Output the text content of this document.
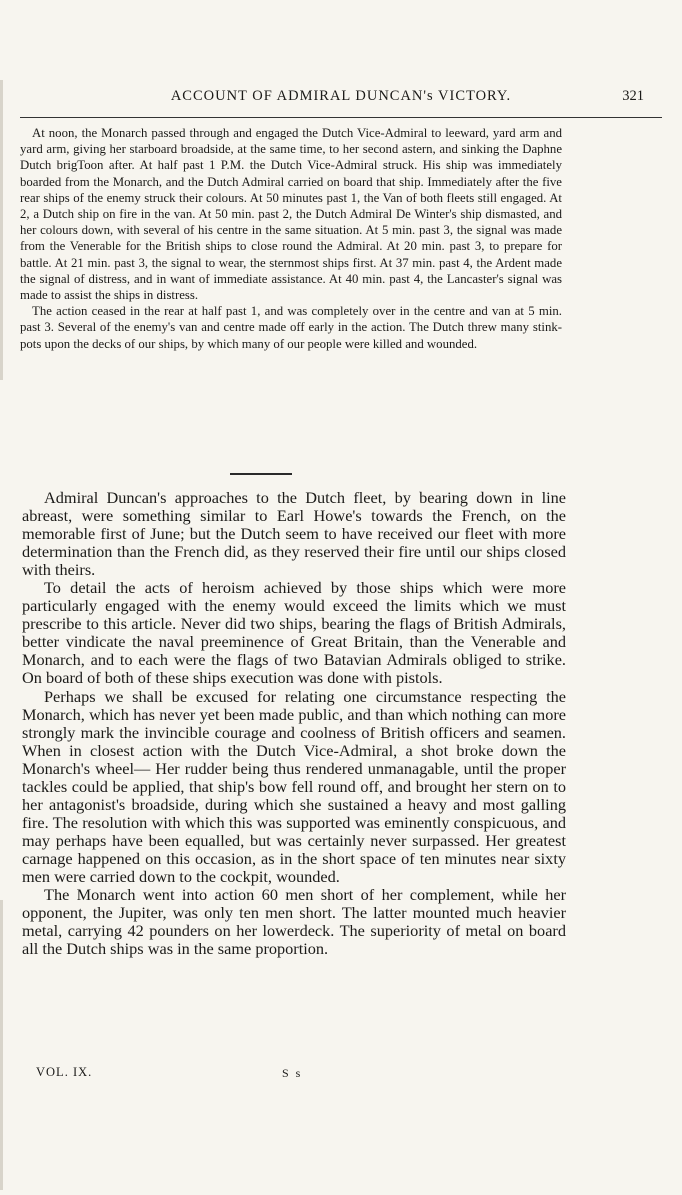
ACCOUNT OF ADMIRAL DUNCAN's VICTORY.	321

At noon, the Monarch passed through and engaged the Dutch Vice-Admiral to leeward, yard arm and yard arm, giving her starboard broadside, at the same time, to her second astern, and sinking the Daphne Dutch brigToon after. At half past 1 P.M. the Dutch Vice-Admiral struck. His ship was immediately boarded from the Monarch, and the Dutch Admiral carried on board that ship. Immediately after the five rear ships of the enemy struck their colours. At 50 minutes past 1, the Van of both fleets still engaged. At 2, a Dutch ship on fire in the van. At 50 min. past 2, the Dutch Admiral De Winter's ship dismasted, and her colours down, with several of his centre in the same situation. At 5 min. past 3, the signal was made from the Venerable for the British ships to close round the Admiral. At 20 min. past 3, to prepare for battle. At 21 min. past 3, the signal to wear, the sternmost ships first. At 37 min. past 4, the Ardent made the signal of distress, and in want of immediate assistance. At 40 min. past 4, the Lancaster's signal was made to assist the ships in distress.

The action ceased in the rear at half past 1, and was completely over in the centre and van at 5 min. past 3. Several of the enemy's van and centre made off early in the action. The Dutch threw many stink-pots upon the decks of our ships, by which many of our people were killed and wounded.

Admiral Duncan's approaches to the Dutch fleet, by bearing down in line abreast, were something similar to Earl Howe's towards the French, on the memorable first of June; but the Dutch seem to have received our fleet with more determination than the French did, as they reserved their fire until our ships closed with theirs.

To detail the acts of heroism achieved by those ships which were more particularly engaged with the enemy would exceed the limits which we must prescribe to this article. Never did two ships, bearing the flags of British Admirals, better vindicate the naval preeminence of Great Britain, than the Venerable and Monarch, and to each were the flags of two Batavian Admirals obliged to strike. On board of both of these ships execution was done with pistols.

Perhaps we shall be excused for relating one circumstance respecting the Monarch, which has never yet been made public, and than which nothing can more strongly mark the invincible courage and coolness of British officers and seamen. When in closest action with the Dutch Vice-Admiral, a shot broke down the Monarch's wheel— Her rudder being thus rendered unmanagable, until the proper tackles could be applied, that ship's bow fell round off, and brought her stern on to her antagonist's broadside, during which she sustained a heavy and most galling fire. The resolution with which this was supported was eminently conspicuous, and may perhaps have been equalled, but was certainly never surpassed. Her greatest carnage happened on this occasion, as in the short space of ten minutes near sixty men were carried down to the cockpit, wounded.

The Monarch went into action 60 men short of her complement, while her opponent, the Jupiter, was only ten men short. The latter mounted much heavier metal, carrying 42 pounders on her lowerdeck. The superiority of metal on board all the Dutch ships was in the same proportion.

VOL. IX.	S s
